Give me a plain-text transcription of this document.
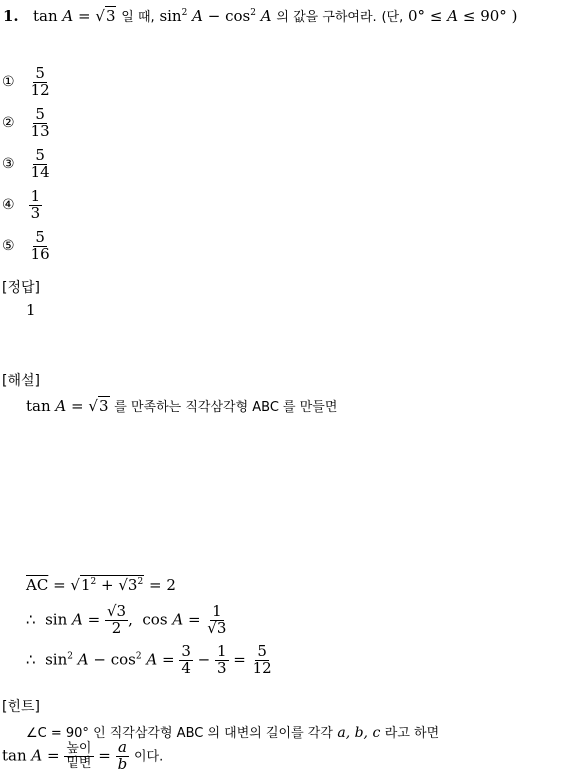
1. tan A = √3 일 때, $\sin^2 A - \cos^2 A$ 의 값을 구하여라. (단, 0° ≤ A ≤ 90° )
① $\frac{5}{12}$
② $\frac{5}{13}$
③ $\frac{5}{14}$
④ $\frac{1}{3}$
⑤ $\frac{5}{16}$
[정답]
1
[해설]
tan A = √3 를 만족하는 직각삼각형 ABC 를 만들면
$\overline{AC} = √1^2 + √3^2 = 2$
∴ $\sin A = \frac{√3}{2}$ ,  $\cos A = \frac{1}{√3}$
∴ $\sin^2 A - \cos^2 A = \frac{3}{4} - \frac{1}{3} = \frac{5}{12}$
[힌트]
∠C = 90° 인 직각삼각형 ABC 의 대변의 길이를 각각 a, b, c 라고 하면
$\tan A = \frac{\text{높이}}{\text{밑변}} = \frac{a}{b}$ 이다.
